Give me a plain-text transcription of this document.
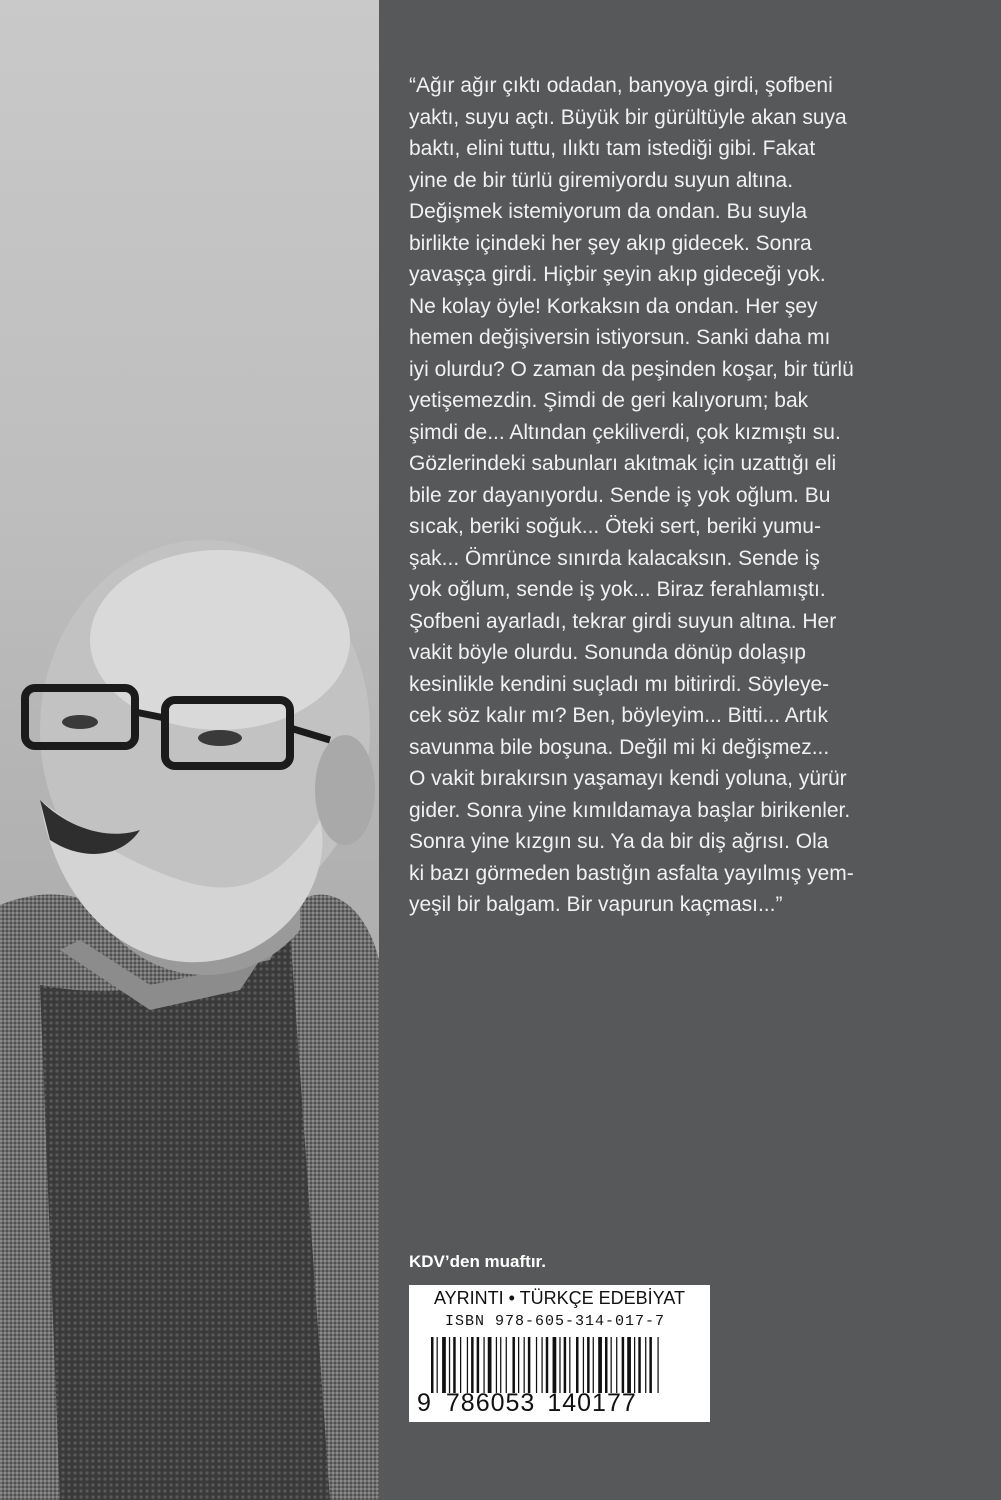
“Ağır ağır çıktı odadan, banyoya girdi, şofbeni
yaktı, suyu açtı. Büyük bir gürültüyle akan suya
baktı, elini tuttu, ılıktı tam istediği gibi. Fakat
yine de bir türlü giremiyordu suyun altına.
Değişmek istemiyorum da ondan. Bu suyla
birlikte içindeki her şey akıp gidecek. Sonra
yavaşça girdi. Hiçbir şeyin akıp gideceği yok.
Ne kolay öyle! Korkaksın da ondan. Her şey
hemen değişiversin istiyorsun. Sanki daha mı
iyi olurdu? O zaman da peşinden koşar, bir türlü
yetişemezdin. Şimdi de geri kalıyorum; bak
şimdi de... Altından çekiliverdi, çok kızmıştı su.
Gözlerindeki sabunları akıtmak için uzattığı eli
bile zor dayanıyordu. Sende iş yok oğlum. Bu
sıcak, beriki soğuk... Öteki sert, beriki yumu-
şak... Ömrünce sınırda kalacaksın. Sende iş
yok oğlum, sende iş yok... Biraz ferahlamıştı.
Şofbeni ayarladı, tekrar girdi suyun altına. Her
vakit böyle olurdu. Sonunda dönüp dolaşıp
kesinlikle kendini suçladı mı bitirirdi. Söyleye-
cek söz kalır mı? Ben, böyleyim... Bitti... Artık
savunma bile boşuna. Değil mi ki değişmez...
O vakit bırakırsın yaşamayı kendi yoluna, yürür
gider. Sonra yine kımıldamaya başlar birikenler.
Sonra yine kızgın su. Ya da bir diş ağrısı. Ola
ki bazı görmeden bastığın asfalta yayılmış yem-
yeşil bir balgam. Bir vapurun kaçması...”

KDV’den muaftır.

AYRINTI • TÜRKÇE EDEBİYAT
ISBN 978-605-314-017-7
9 786053 140177
